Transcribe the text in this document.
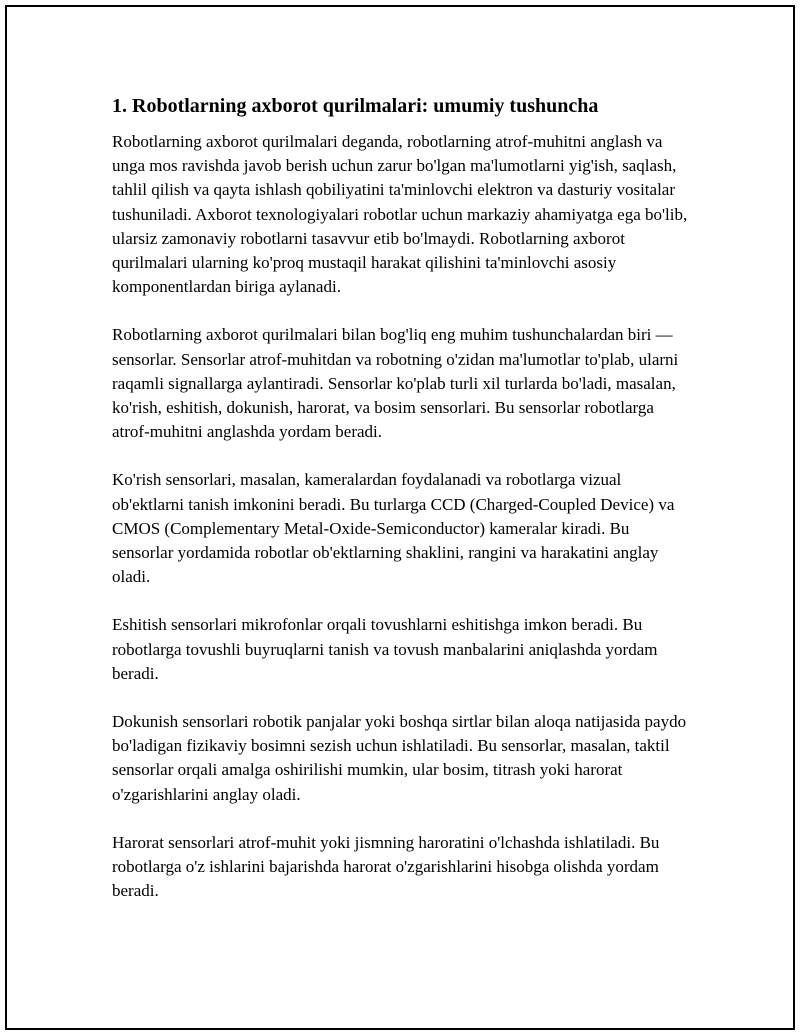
1. Robotlarning axborot qurilmalari: umumiy tushuncha

Robotlarning axborot qurilmalari deganda, robotlarning atrof-muhitni anglash va unga mos ravishda javob berish uchun zarur bo'lgan ma'lumotlarni yig'ish, saqlash, tahlil qilish va qayta ishlash qobiliyatini ta'minlovchi elektron va dasturiy vositalar tushuniladi. Axborot texnologiyalari robotlar uchun markaziy ahamiyatga ega bo'lib, ularsiz zamonaviy robotlarni tasavvur etib bo'lmaydi. Robotlarning axborot qurilmalari ularning ko'proq mustaqil harakat qilishini ta'minlovchi asosiy komponentlardan biriga aylanadi.

Robotlarning axborot qurilmalari bilan bog'liq eng muhim tushunchalardan biri — sensorlar. Sensorlar atrof-muhitdan va robotning o'zidan ma'lumotlar to'plab, ularni raqamli signallarga aylantiradi. Sensorlar ko'plab turli xil turlarda bo'ladi, masalan, ko'rish, eshitish, dokunish, harorat, va bosim sensorlari. Bu sensorlar robotlarga atrof-muhitni anglashda yordam beradi.

Ko'rish sensorlari, masalan, kameralardan foydalanadi va robotlarga vizual ob'ektlarni tanish imkonini beradi. Bu turlarga CCD (Charged-Coupled Device) va CMOS (Complementary Metal-Oxide-Semiconductor) kameralar kiradi. Bu sensorlar yordamida robotlar ob'ektlarning shaklini, rangini va harakatini anglay oladi.

Eshitish sensorlari mikrofonlar orqali tovushlarni eshitishga imkon beradi. Bu robotlarga tovushli buyruqlarni tanish va tovush manbalarini aniqlashda yordam beradi.

Dokunish sensorlari robotik panjalar yoki boshqa sirtlar bilan aloqa natijasida paydo bo'ladigan fizikaviy bosimni sezish uchun ishlatiladi. Bu sensorlar, masalan, taktil sensorlar orqali amalga oshirilishi mumkin, ular bosim, titrash yoki harorat o'zgarishlarini anglay oladi.

Harorat sensorlari atrof-muhit yoki jismning haroratini o'lchashda ishlatiladi. Bu robotlarga o'z ishlarini bajarishda harorat o'zgarishlarini hisobga olishda yordam beradi.
